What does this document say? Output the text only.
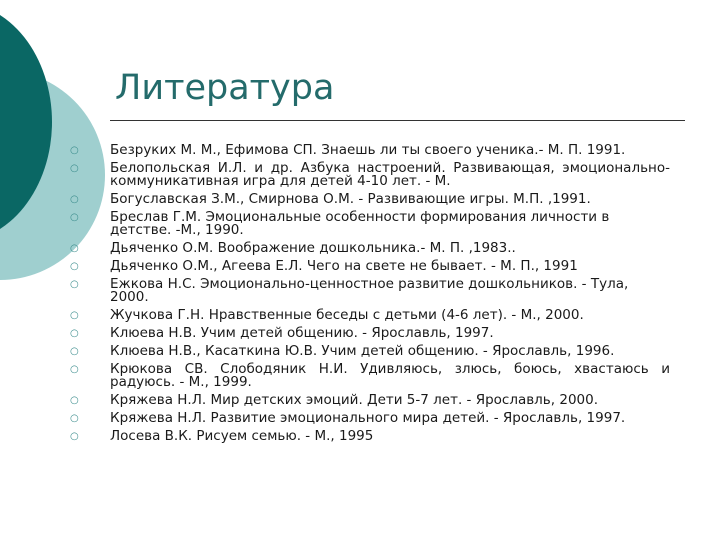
Литература
○ Безруких М. М., Ефимова СП. Знаешь ли ты своего ученика.- М. П. 1991.
○ Белопольская И.Л. и др. Азбука настроений. Развивающая, эмоционально-коммуникативная игра для детей 4-10 лет. - М.
○ Богуславская З.М., Смирнова О.М. - Развивающие игры. М.П. ,1991.
○ Бреслав Г.М. Эмоциональные особенности формирования личности в детстве. -М., 1990.
○ Дьяченко О.М. Воображение дошкольника.- М. П. ,1983..
○ Дьяченко О.М., Агеева Е.Л. Чего на свете не бывает. - М. П., 1991
○ Ежкова Н.С. Эмоционально-ценностное развитие дошкольников. - Тула, 2000.
○ Жучкова Г.Н. Нравственные беседы с детьми (4-6 лет). - М., 2000.
○ Клюева Н.В. Учим детей общению. - Ярославль, 1997.
○ Клюева Н.В., Касаткина Ю.В. Учим детей общению. - Ярославль, 1996.
○ Крюкова СВ. Слободяник Н.И. Удивляюсь, злюсь, боюсь, хвастаюсь и радуюсь. - М., 1999.
○ Кряжева Н.Л. Мир детских эмоций. Дети 5-7 лет. - Ярославль, 2000.
○ Кряжева Н.Л. Развитие эмоционального мира детей. - Ярославль, 1997.
○ Лосева В.К. Рисуем семью. - М., 1995
